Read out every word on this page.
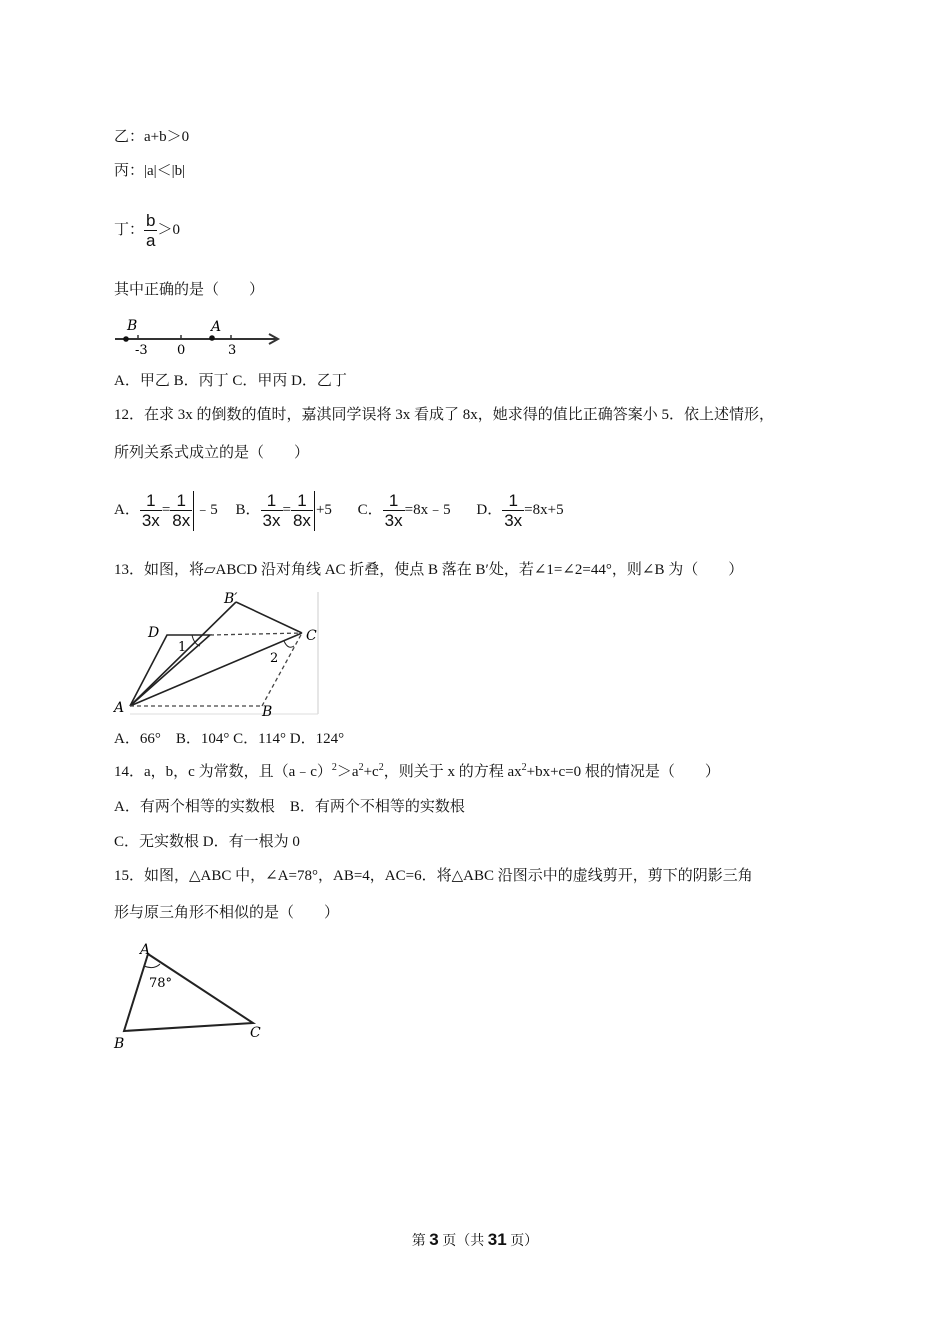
乙：a+b＞0
丙：|a|＜|b|
丁： $\frac{b}{a} >0$
其中正确的是（　　）
B	A
-3 0	3
A．甲乙 B．丙丁 C．甲丙 D．乙丁
12．在求 3x 的倒数的值时，嘉淇同学误将 3x 看成了 8x，她求得的值比正确答案小 5．依上述情形，
所列关系式成立的是（　　）
A． $\frac{1}{3x} = \frac{1}{8x}$ ﹣5 B． $\frac{1}{3x} = \frac{1}{8x} +5$ C． $\frac{1}{3x}$ =8x﹣5 D． $\frac{1}{3x} =8x+5$
13．如图，将▱ABCD 沿对角线 AC 折叠，使点 B 落在 B′处，若∠1=∠2=44°，则∠B 为（　　）
A	B
C
D
B′
1
2
A．66°　B．104° C．114° D．124°
14．a，b，c 为常数，且$(a﹣c)^2>a^2+c^2$，则关于 x 的方程 $ax^2+bx+c=0$ 根的情况是（　　）
A．有两个相等的实数根　B．有两个不相等的实数根
C．无实数根 D．有一根为 0
15．如图，△ABC 中，∠A=78°，AB=4，AC=6．将△ABC 沿图示中的虚线剪开，剪下的阴影三角
形与原三角形不相似的是（　　）
A
B
C
78°
第 3 页（共 31 页）
